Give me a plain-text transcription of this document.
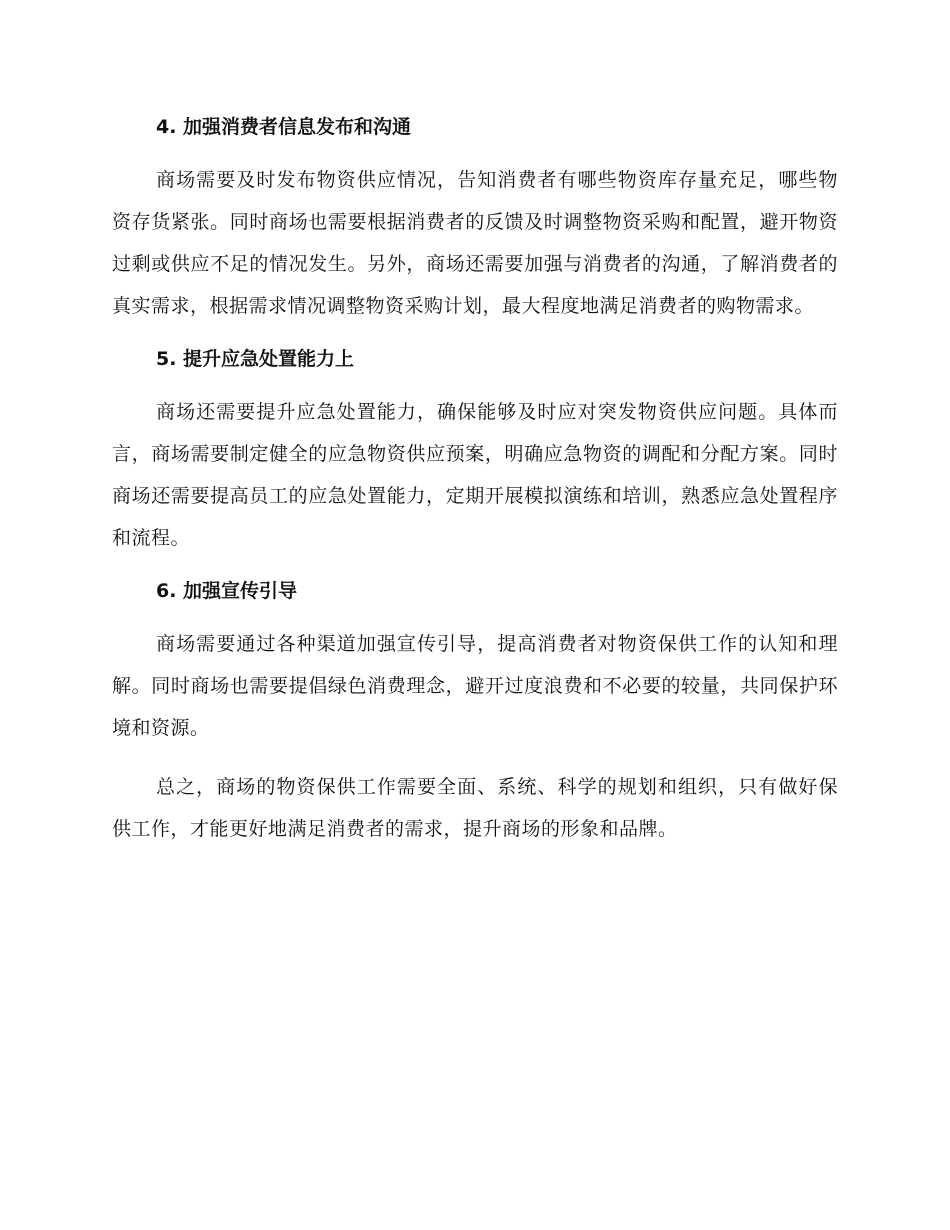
4. 加强消费者信息发布和沟通

商场需要及时发布物资供应情况，告知消费者有哪些物资库存量充足，哪些物资存货紧张。同时商场也需要根据消费者的反馈及时调整物资采购和配置，避开物资过剩或供应不足的情况发生。另外，商场还需要加强与消费者的沟通，了解消费者的真实需求，根据需求情况调整物资采购计划，最大程度地满足消费者的购物需求。

5. 提升应急处置能力上

商场还需要提升应急处置能力，确保能够及时应对突发物资供应问题。具体而言，商场需要制定健全的应急物资供应预案，明确应急物资的调配和分配方案。同时商场还需要提高员工的应急处置能力，定期开展模拟演练和培训，熟悉应急处置程序和流程。

6. 加强宣传引导

商场需要通过各种渠道加强宣传引导，提高消费者对物资保供工作的认知和理解。同时商场也需要提倡绿色消费理念，避开过度浪费和不必要的较量，共同保护环境和资源。

总之，商场的物资保供工作需要全面、系统、科学的规划和组织，只有做好保供工作，才能更好地满足消费者的需求，提升商场的形象和品牌。
